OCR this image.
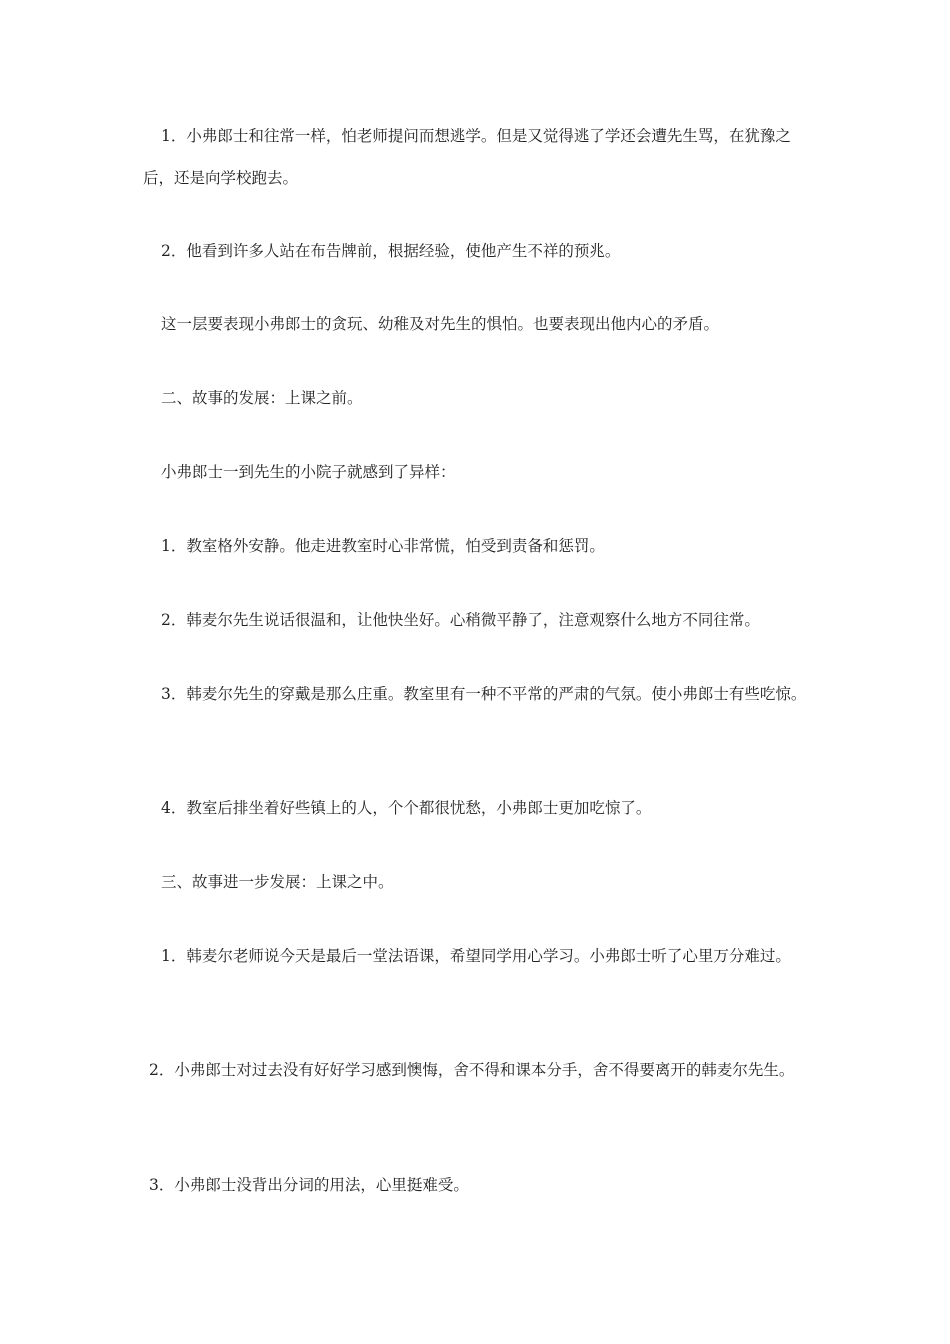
1．小弗郎士和往常一样，怕老师提问而想逃学。但是又觉得逃了学还会遭先生骂，在犹豫之后，还是向学校跑去。

2．他看到许多人站在布告牌前，根据经验，使他产生不祥的预兆。

这一层要表现小弗郎士的贪玩、幼稚及对先生的惧怕。也要表现出他内心的矛盾。

二、故事的发展：上课之前。

小弗郎士一到先生的小院子就感到了异样：

1．教室格外安静。他走进教室时心非常慌，怕受到责备和惩罚。

2．韩麦尔先生说话很温和，让他快坐好。心稍微平静了，注意观察什么地方不同往常。

3．韩麦尔先生的穿戴是那么庄重。教室里有一种不平常的严肃的气氛。使小弗郎士有些吃惊。

4．教室后排坐着好些镇上的人，个个都很忧愁，小弗郎士更加吃惊了。

三、故事进一步发展：上课之中。

1．韩麦尔老师说今天是最后一堂法语课，希望同学用心学习。小弗郎士听了心里万分难过。

2．小弗郎士对过去没有好好学习感到懊悔，舍不得和课本分手，舍不得要离开的韩麦尔先生。

3．小弗郎士没背出分词的用法，心里挺难受。
